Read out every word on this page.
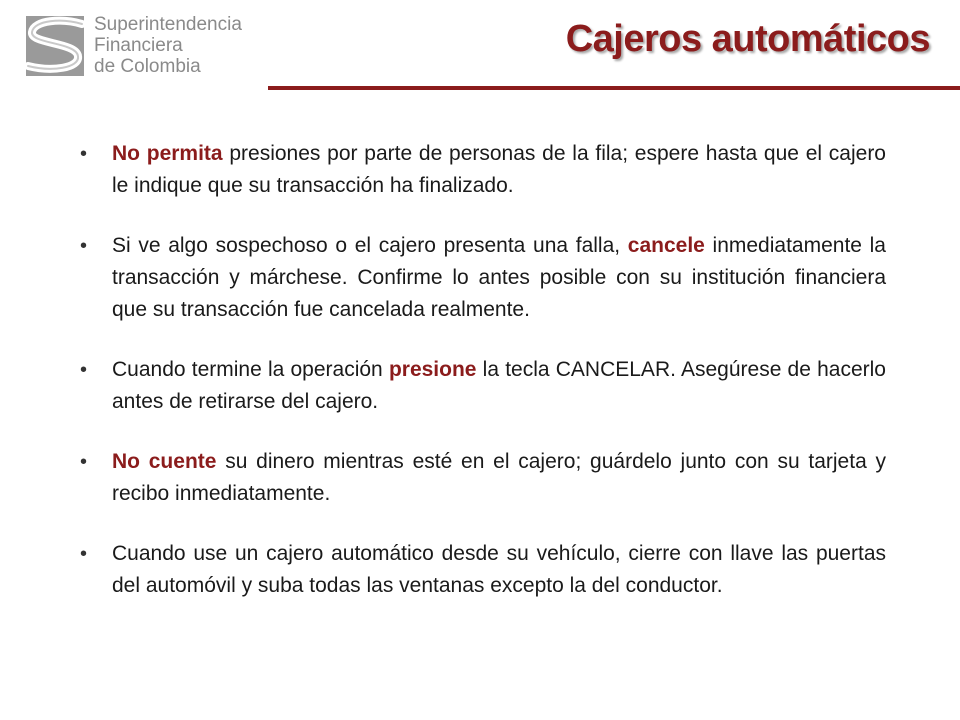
Superintendencia
Financiera
de Colombia
Cajeros automáticos
• No permita presiones por parte de personas de la fila; espere hasta que el cajero le indique que su transacción ha finalizado.
• Si ve algo sospechoso o el cajero presenta una falla, cancele inmediatamente la transacción y márchese. Confirme lo antes posible con su institución financiera que su transacción fue cancelada realmente.
• Cuando termine la operación presione la tecla CANCELAR. Asegúrese de hacerlo antes de retirarse del cajero.
• No cuente su dinero mientras esté en el cajero; guárdelo junto con su tarjeta y recibo inmediatamente.
• Cuando use un cajero automático desde su vehículo, cierre con llave las puertas del automóvil y suba todas las ventanas excepto la del conductor.
